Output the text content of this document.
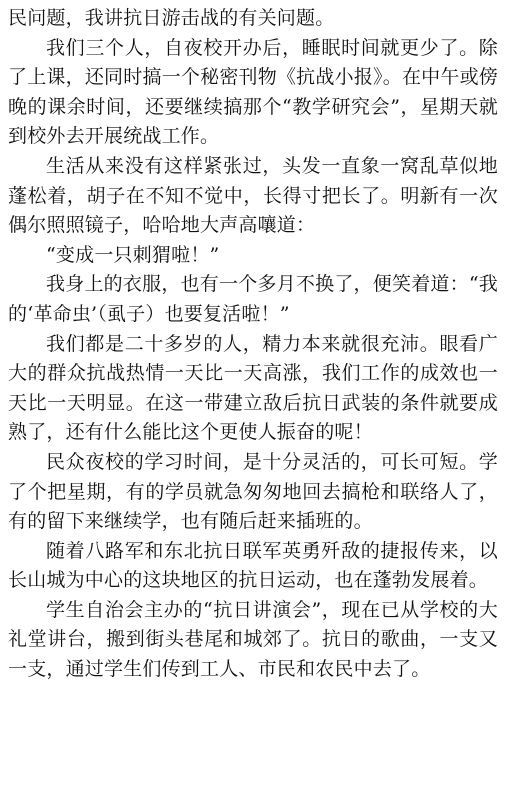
民问题，我讲抗日游击战的有关问题。

我们三个人，自夜校开办后，睡眠时间就更少了。除了上课，还同时搞一个秘密刊物《抗战小报》。在中午或傍晚的课余时间，还要继续搞那个“教学研究会”，星期天就到校外去开展统战工作。

生活从来没有这样紧张过，头发一直象一窝乱草似地蓬松着，胡子在不知不觉中，长得寸把长了。明新有一次偶尔照照镜子，哈哈地大声高嚷道：

“变成一只刺猬啦！”

我身上的衣服，也有一个多月不换了，便笑着道：“我的‘革命虫’（虱子）也要复活啦！”

我们都是二十多岁的人，精力本来就很充沛。眼看广大的群众抗战热情一天比一天高涨，我们工作的成效也一天比一天明显。在这一带建立敌后抗日武装的条件就要成熟了，还有什么能比这个更使人振奋的呢！

民众夜校的学习时间，是十分灵活的，可长可短。学了个把星期，有的学员就急匆匆地回去搞枪和联络人了，有的留下来继续学，也有随后赶来插班的。

随着八路军和东北抗日联军英勇歼敌的捷报传来，以长山城为中心的这块地区的抗日运动，也在蓬勃发展着。

学生自治会主办的“抗日讲演会”，现在已从学校的大礼堂讲台，搬到街头巷尾和城郊了。抗日的歌曲，一支又一支，通过学生们传到工人、市民和农民中去了。
